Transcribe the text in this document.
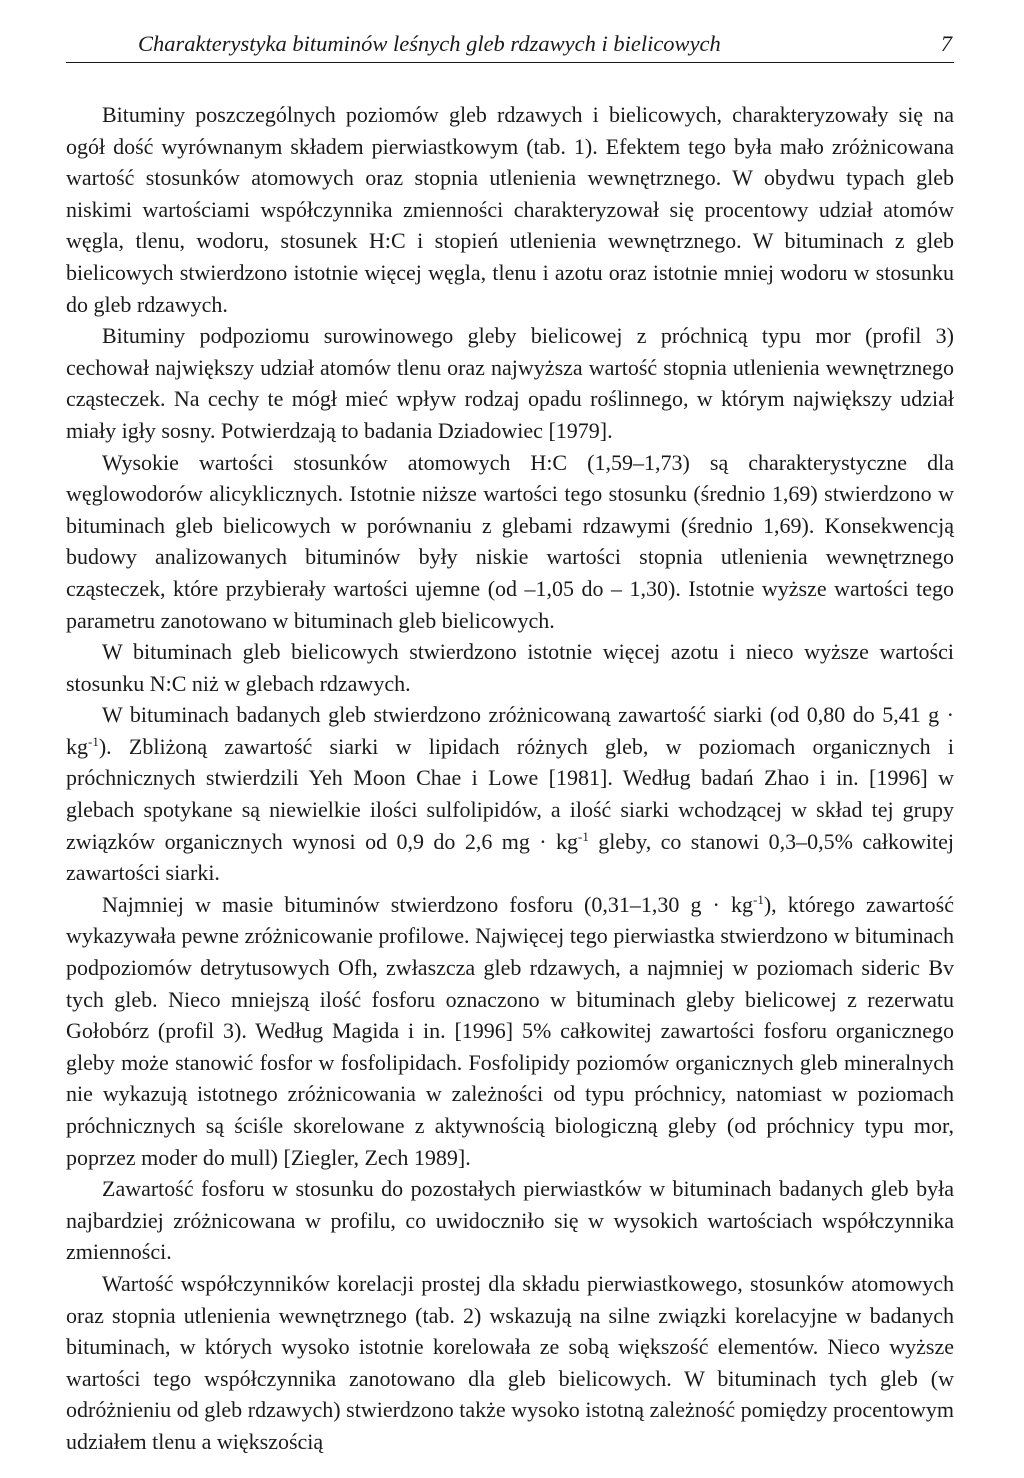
Charakterystyka bituminów leśnych gleb rdzawych i bielicowych	7

Bituminy poszczególnych poziomów gleb rdzawych i bielicowych, charakteryzowały się na ogół dość wyrównanym składem pierwiastkowym (tab. 1). Efektem tego była mało zróżnicowana wartość stosunków atomowych oraz stopnia utlenienia wewnętrznego. W obydwu typach gleb niskimi wartościami współczynnika zmienności charakteryzował się procentowy udział atomów węgla, tlenu, wodoru, stosunek H:C i stopień utlenienia wewnętrznego. W bituminach z gleb bielicowych stwierdzono istotnie więcej węgla, tlenu i azotu oraz istotnie mniej wodoru w stosunku do gleb rdzawych.

Bituminy podpoziomu surowinowego gleby bielicowej z próchnicą typu mor (profil 3) cechował największy udział atomów tlenu oraz najwyższa wartość stopnia utlenienia wewnętrznego cząsteczek. Na cechy te mógł mieć wpływ rodzaj opadu roślinnego, w którym największy udział miały igły sosny. Potwierdzają to badania Dziadowiec [1979].

Wysokie wartości stosunków atomowych H:C (1,59–1,73) są charakterystyczne dla węglowodorów alicyklicznych. Istotnie niższe wartości tego stosunku (średnio 1,69) stwierdzono w bituminach gleb bielicowych w porównaniu z glebami rdzawymi (średnio 1,69). Konsekwencją budowy analizowanych bituminów były niskie wartości stopnia utlenienia wewnętrznego cząsteczek, które przybierały wartości ujemne (od –1,05 do – 1,30). Istotnie wyższe wartości tego parametru zanotowano w bituminach gleb bielicowych.

W bituminach gleb bielicowych stwierdzono istotnie więcej azotu i nieco wyższe wartości stosunku N:C niż w glebach rdzawych.

W bituminach badanych gleb stwierdzono zróżnicowaną zawartość siarki (od 0,80 do 5,41 $g \cdot kg^{-1}$). Zbliżoną zawartość siarki w lipidach różnych gleb, w poziomach organicznych i próchnicznych stwierdzili Yeh Moon Chae i Lowe [1981]. Według badań Zhao i in. [1996] w glebach spotykane są niewielkie ilości sulfolipidów, a ilość siarki wchodzącej w skład tej grupy związków organicznych wynosi od 0,9 do 2,6 mg · $kg^{-1}$ gleby, co stanowi 0,3–0,5% całkowitej zawartości siarki.

Najmniej w masie bituminów stwierdzono fosforu (0,31–1,30 $g \cdot kg^{-1}$), którego zawartość wykazywała pewne zróżnicowanie profilowe. Najwięcej tego pierwiastka stwierdzono w bituminach podpoziomów detrytusowych Ofh, zwłaszcza gleb rdzawych, a najmniej w poziomach sideric Bv tych gleb. Nieco mniejszą ilość fosforu oznaczono w bituminach gleby bielicowej z rezerwatu Gołobórz (profil 3). Według Magida i in. [1996] 5% całkowitej zawartości fosforu organicznego gleby może stanowić fosfor w fosfolipidach. Fosfolipidy poziomów organicznych gleb mineralnych nie wykazują istotnego zróżnicowania w zależności od typu próchnicy, natomiast w poziomach próchnicznych są ściśle skorelowane z aktywnością biologiczną gleby (od próchnicy typu mor, poprzez moder do mull) [Ziegler, Zech 1989].

Zawartość fosforu w stosunku do pozostałych pierwiastków w bituminach badanych gleb była najbardziej zróżnicowana w profilu, co uwidoczniło się w wysokich wartościach współczynnika zmienności.

Wartość współczynników korelacji prostej dla składu pierwiastkowego, stosunków atomowych oraz stopnia utlenienia wewnętrznego (tab. 2) wskazują na silne związki korelacyjne w badanych bituminach, w których wysoko istotnie korelowała ze sobą większość elementów. Nieco wyższe wartości tego współczynnika zanotowano dla gleb bielicowych. W bituminach tych gleb (w odróżnieniu od gleb rdzawych) stwierdzono także wysoko istotną zależność pomiędzy procentowym udziałem tlenu a większością
